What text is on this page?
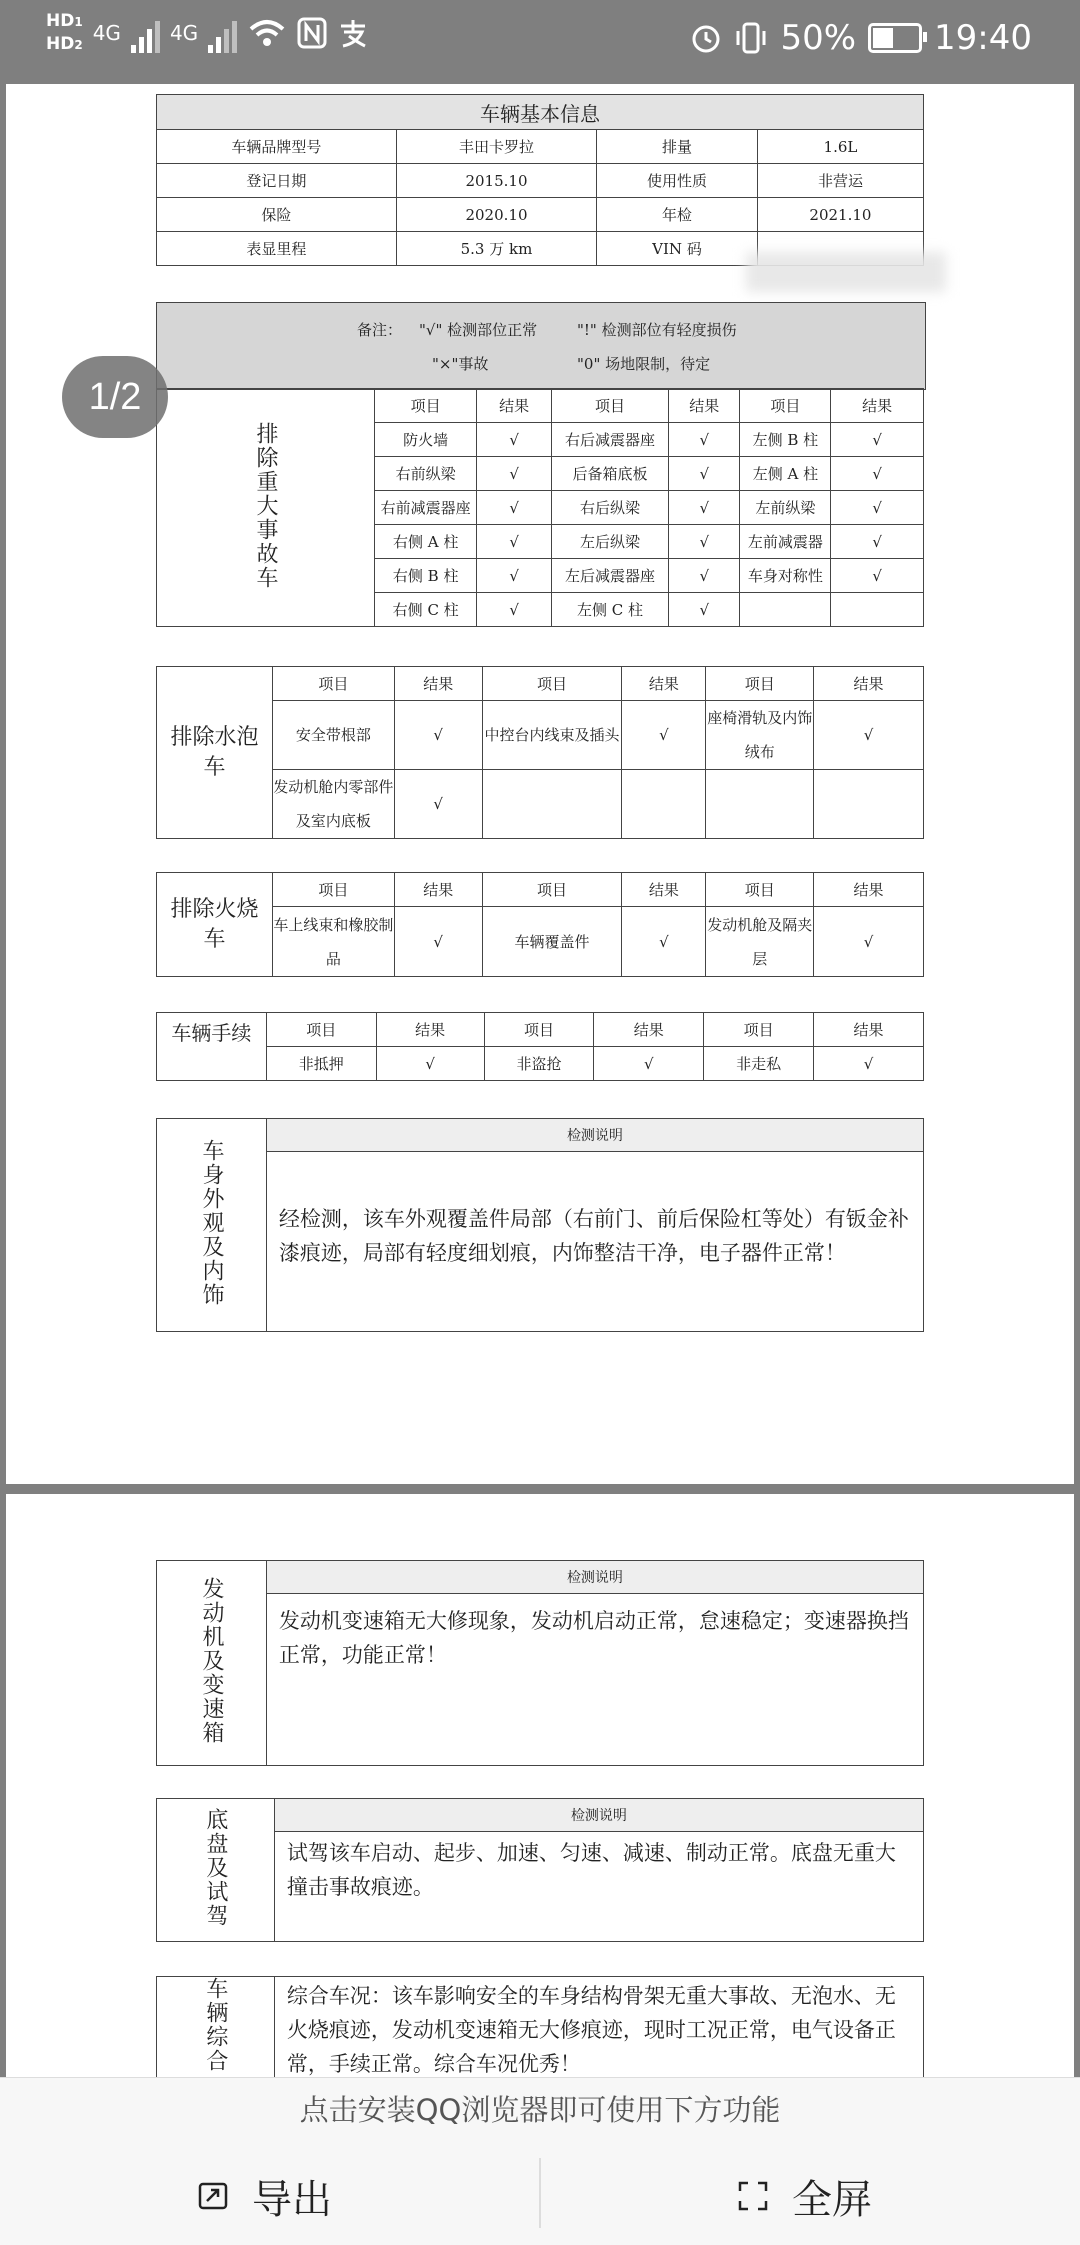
HD1
HD2 4G 4G	50% 19:40
车辆基本信息			
车辆品牌型号	丰田卡罗拉	排量	1.6L
登记日期	2015.10	使用性质	非营运
保险	2020.10	年检	2021.10
表显里程	5.3 万 km	VIN 码	
备注： "√" 检测部位正常	"!" 检测部位有轻度损伤
"×"事故	"0" 场地限制，待定
排除重大事故车	项目	结果	项目	结果	项目	结果
	防火墙	√	右后减震器座	√	左侧 B 柱	√
	右前纵梁	√	后备箱底板	√	左侧 A 柱	√
	右前减震器座	√	右后纵梁	√	左前纵梁	√
	右侧 A 柱	√	左后纵梁	√	左前减震器	√
	右侧 B 柱	√	左后减震器座	√	车身对称性	√
	右侧 C 柱	√	左侧 C 柱	√		
排除水泡车	项目	结果	项目	结果	项目	结果
	安全带根部	√	中控台内线束及插头	√	座椅滑轨及内饰绒布	√
	发动机舱内零部件及室内底板	√				
排除火烧车	项目	结果	项目	结果	项目	结果
	车上线束和橡胶制品	√	车辆覆盖件	√	发动机舱及隔夹层	√
车辆手续	项目	结果	项目	结果	项目	结果
	非抵押	√	非盗抢	√	非走私	√
车身外观及内饰	检测说明
经检测，该车外观覆盖件局部（右前门、前后保险杠等处）有钣金补漆痕迹，局部有轻度细划痕，内饰整洁干净，电子器件正常！
1/2
发动机及变速箱	检测说明
发动机变速箱无大修现象，发动机启动正常，怠速稳定；变速器换挡正常，功能正常！
底盘及试驾	检测说明
试驾该车启动、起步、加速、匀速、减速、制动正常。底盘无重大撞击事故痕迹。
车辆综合	综合车况：该车影响安全的车身结构骨架无重大事故、无泡水、无火烧痕迹，发动机变速箱无大修痕迹，现时工况正常，电气设备正常，手续正常。综合车况优秀！
点击安装QQ浏览器即可使用下方功能
导出	全屏
